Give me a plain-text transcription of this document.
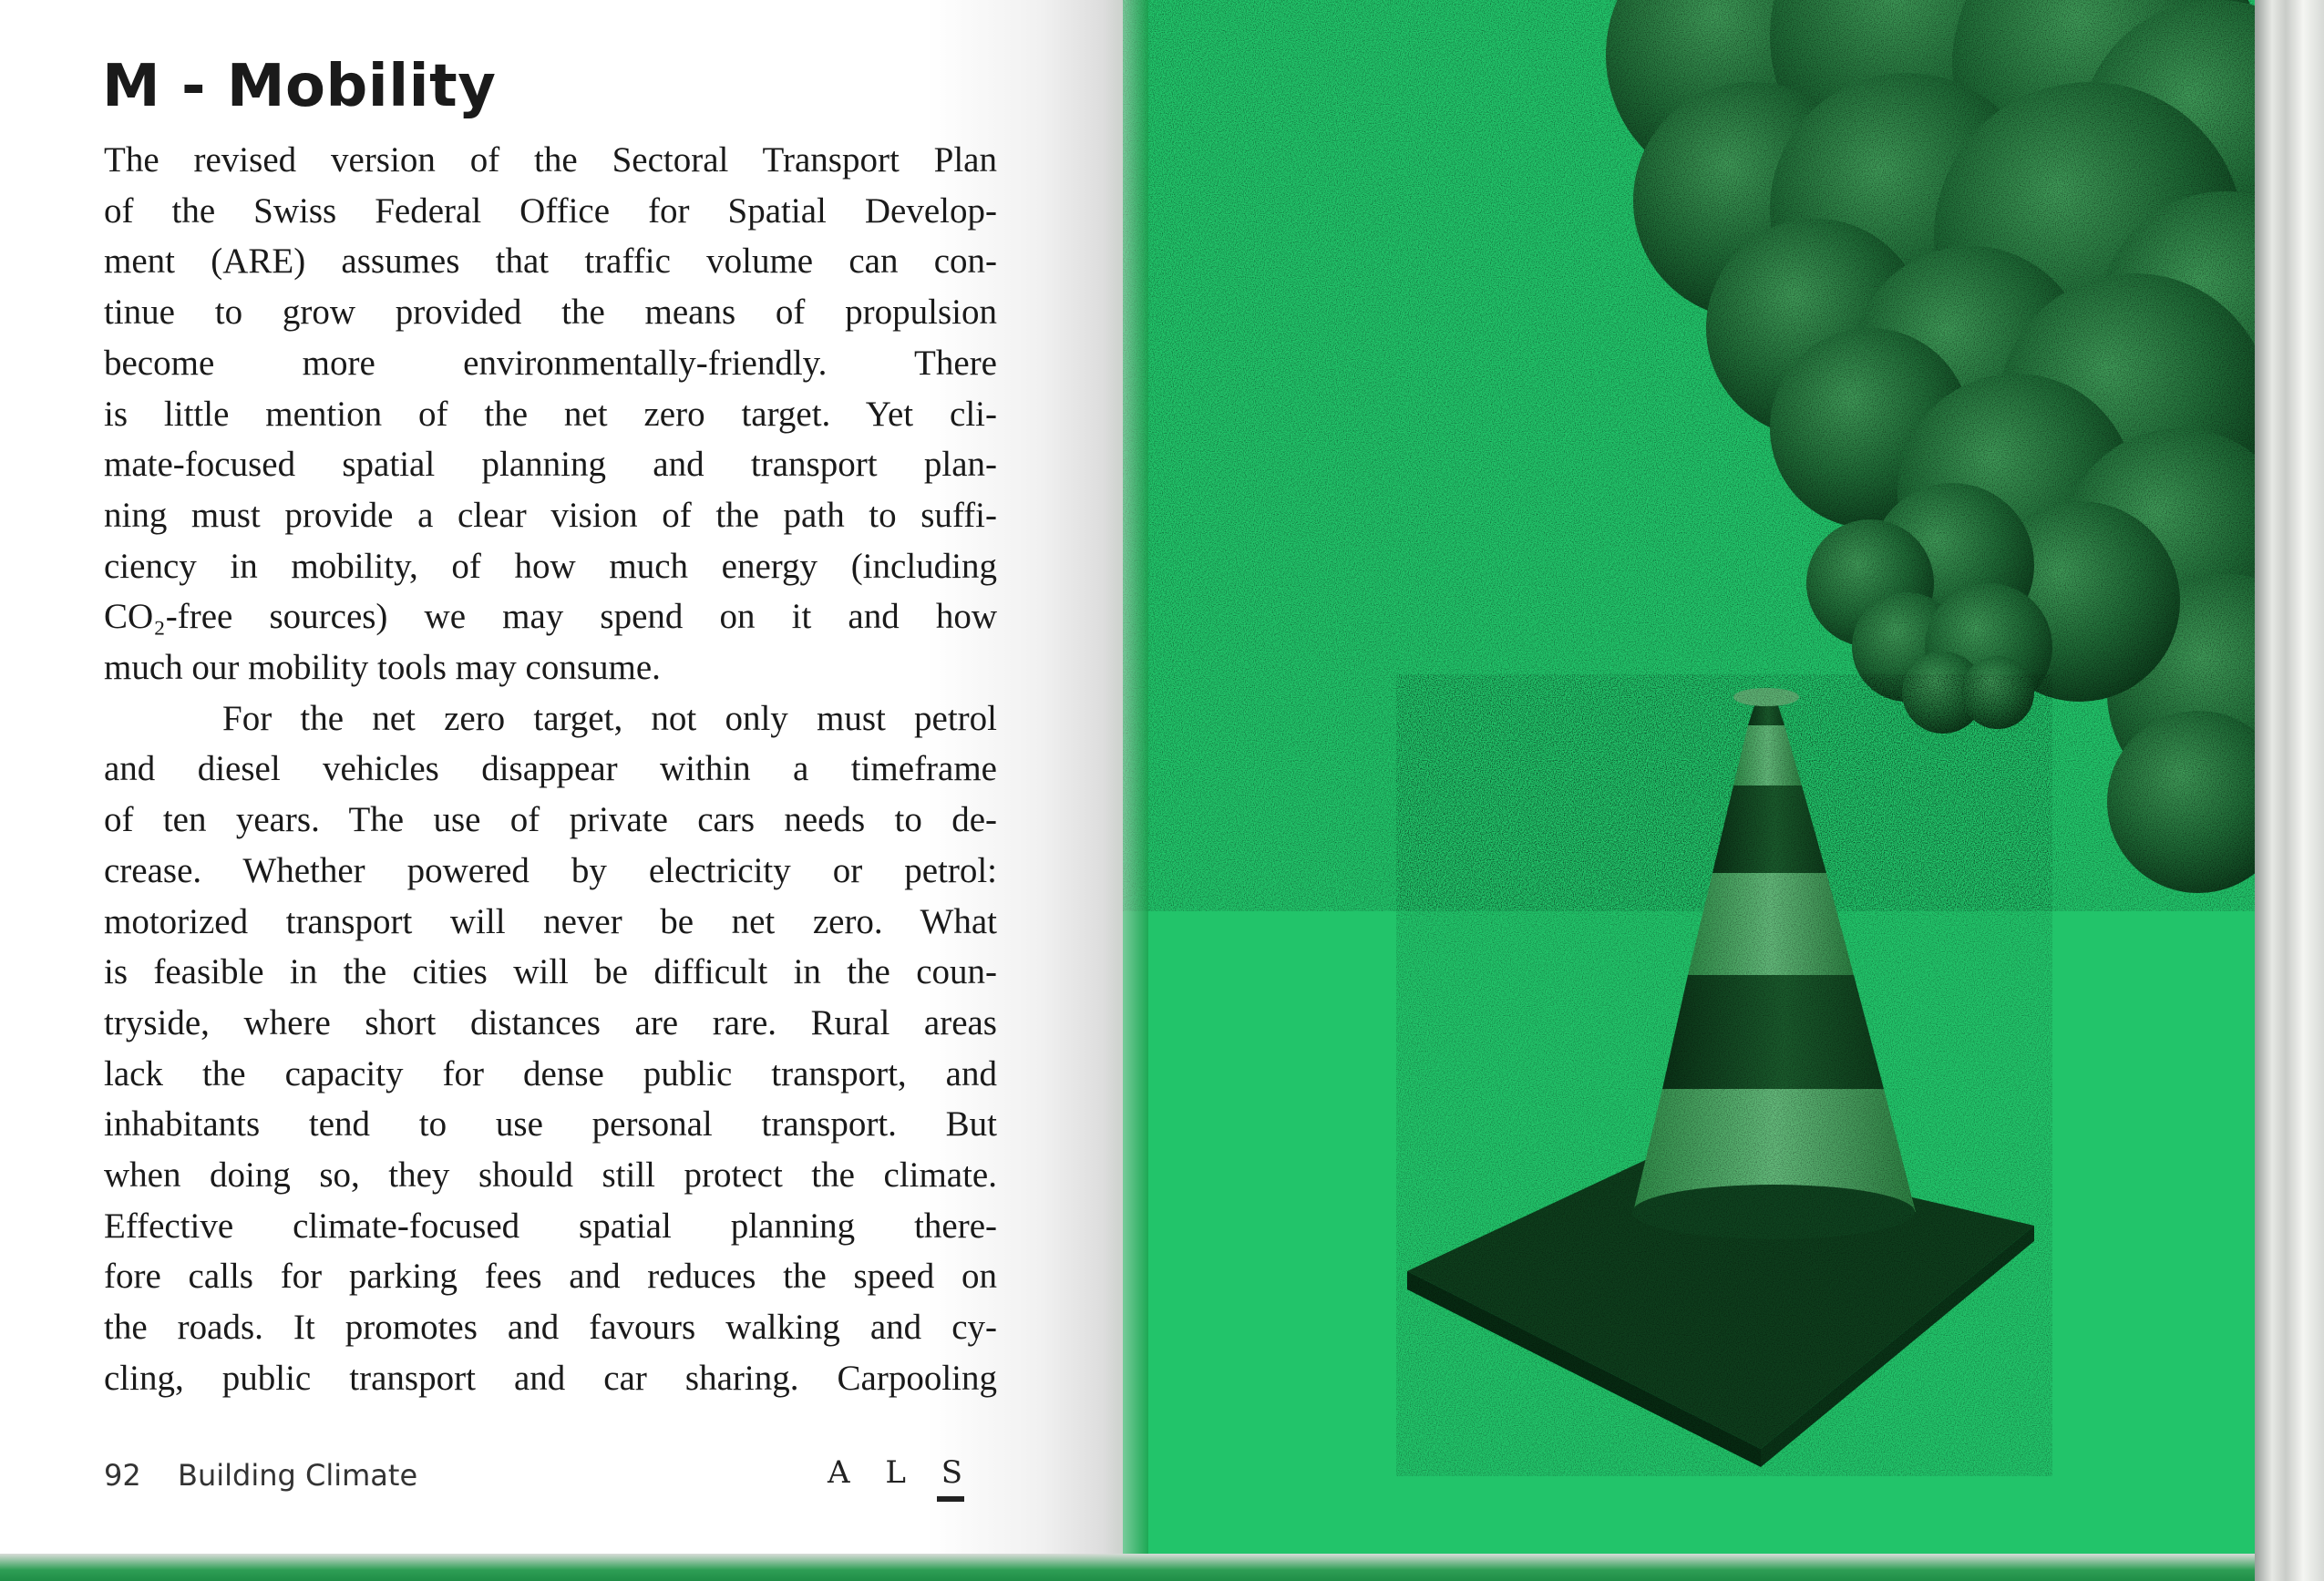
M - Mobility
The revised version of the Sectoral Transport Plan
of the Swiss Federal Office for Spatial Develop-
ment (ARE) assumes that traffic volume can con-
tinue to grow provided the means of propulsion
become more environmentally-friendly. There
is little mention of the net zero target. Yet cli-
mate-focused spatial planning and transport plan-
ning must provide a clear vision of the path to suffi-
ciency in mobility, of how much energy (including
CO₂-free sources) we may spend on it and how
much our mobility tools may consume.
For the net zero target, not only must petrol
and diesel vehicles disappear within a timeframe
of ten years. The use of private cars needs to de-
crease. Whether powered by electricity or petrol:
motorized transport will never be net zero. What
is feasible in the cities will be difficult in the coun-
tryside, where short distances are rare. Rural areas
lack the capacity for dense public transport, and
inhabitants tend to use personal transport. But
when doing so, they should still protect the climate.
Effective climate-focused spatial planning there-
fore calls for parking fees and reduces the speed on
the roads. It promotes and favours walking and cy-
cling, public transport and car sharing. Carpooling
92 Building Climate	A L S
